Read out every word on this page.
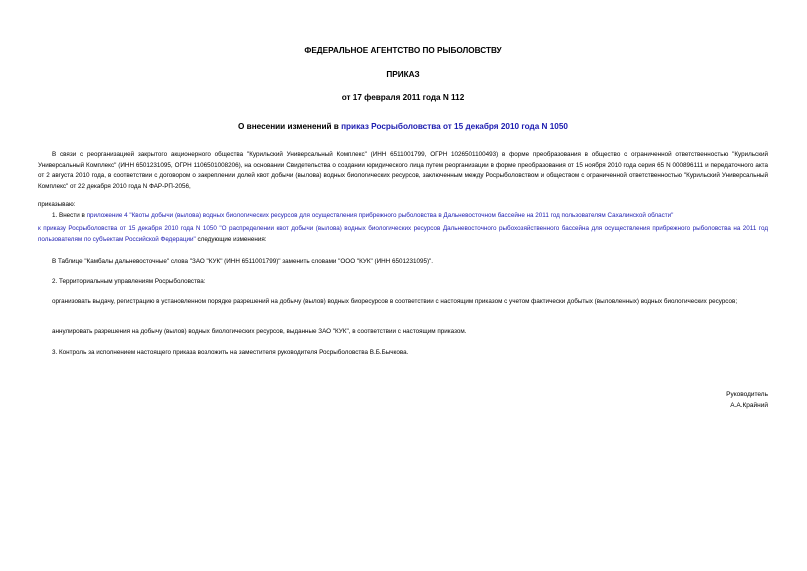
ФЕДЕРАЛЬНОЕ АГЕНТСТВО ПО РЫБОЛОВСТВУ
ПРИКАЗ
от 17 февраля 2011 года N 112
О внесении изменений в приказ Росрыболовства от 15 декабря 2010 года N 1050
В связи с реорганизацией закрытого акционерного общества "Курильский Универсальный Комплекс" (ИНН 6511001799, ОГРН 1026501100493) в форме преобразования в общество с ограниченной ответственностью "Курильский Универсальный Комплекс" (ИНН 6501231095, ОГРН 1106501008206), на основании Свидетельства о создании юридического лица путем реорганизации в форме преобразования от 15 ноября 2010 года серия 65 N 000896111 и передаточного акта от 2 августа 2010 года, в соответствии с договором о закреплении долей квот добычи (вылова) водных биологических ресурсов, заключенным между Росрыболовством и обществом с ограниченной ответственностью "Курильский Универсальный Комплекс" от 22 декабря 2010 года N ФАР-РП-2056,
приказываю:
1. Внести в приложение 4 "Квоты добычи (вылова) водных биологических ресурсов для осуществления прибрежного рыболовства в Дальневосточном бассейне на 2011 год пользователям Сахалинской области"
к приказу Росрыболовства от 15 декабря 2010 года N 1050 "О распределении квот добычи (вылова) водных биологических ресурсов Дальневосточного рыбохозяйственного бассейна для осуществления прибрежного рыболовства на 2011 год пользователям по субъектам Российской Федерации" следующие изменения:
В Таблице "Камбалы дальневосточные" слова "ЗАО "КУК" (ИНН 6511001799)" заменить словами "ООО "КУК" (ИНН 6501231095)".
2. Территориальным управлениям Росрыболовства:
организовать выдачу, регистрацию в установленном порядке разрешений на добычу (вылов) водных биоресурсов в соответствии с настоящим приказом с учетом фактически добытых (выловленных) водных биологических ресурсов;
аннулировать разрешения на добычу (вылов) водных биологических ресурсов, выданные ЗАО "КУК", в соответствии с настоящим приказом.
3. Контроль за исполнением настоящего приказа возложить на заместителя руководителя Росрыболовства В.Б.Бычкова.
Руководитель
А.А.Крайний
